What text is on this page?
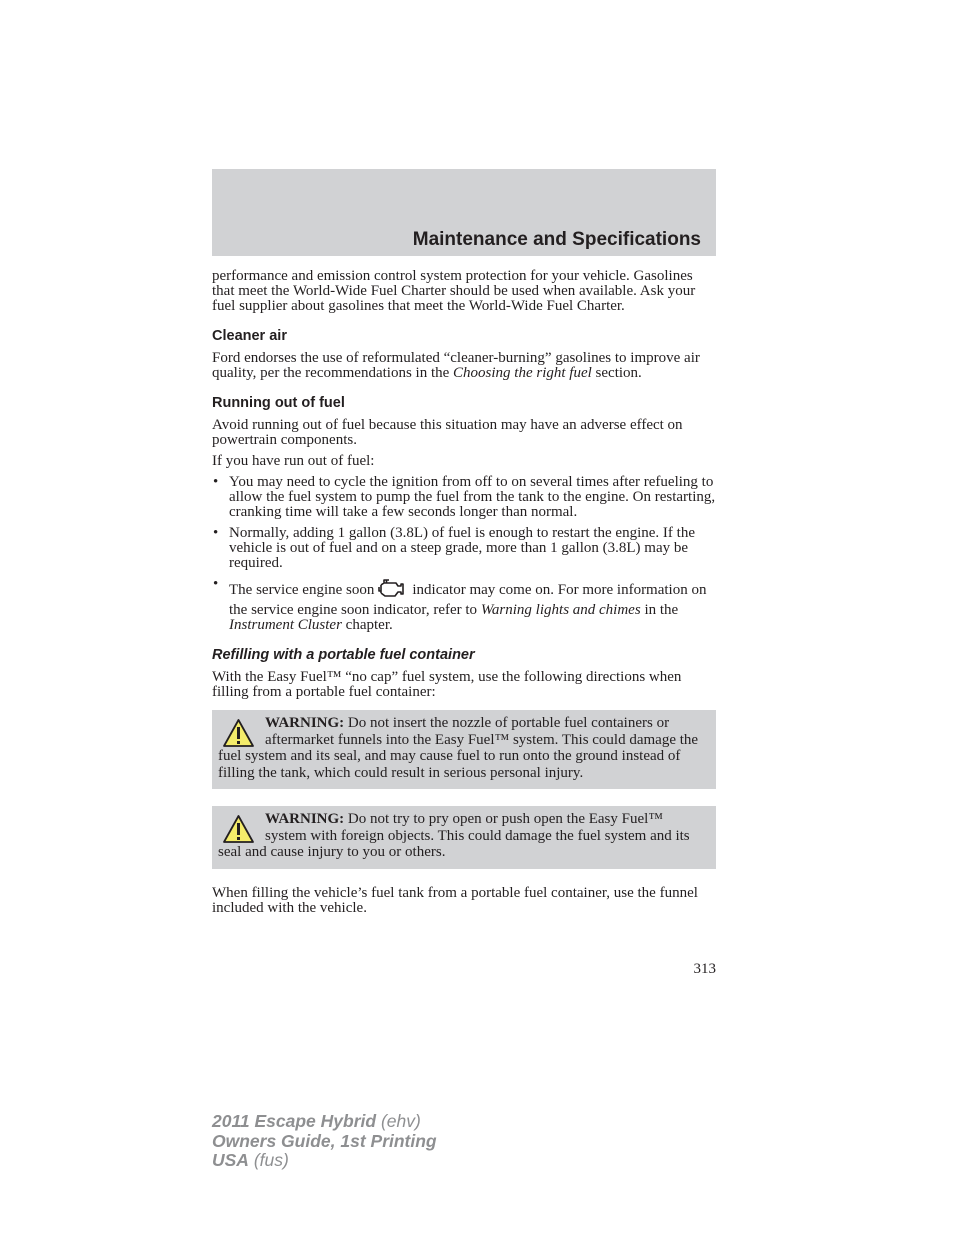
Maintenance and Specifications

performance and emission control system protection for your vehicle. Gasolines that meet the World-Wide Fuel Charter should be used when available. Ask your fuel supplier about gasolines that meet the World-Wide Fuel Charter.

Cleaner air

Ford endorses the use of reformulated “cleaner-burning” gasolines to improve air quality, per the recommendations in the Choosing the right fuel section.

Running out of fuel

Avoid running out of fuel because this situation may have an adverse effect on powertrain components.

If you have run out of fuel:

• You may need to cycle the ignition from off to on several times after refueling to allow the fuel system to pump the fuel from the tank to the engine. On restarting, cranking time will take a few seconds longer than normal.
• Normally, adding 1 gallon (3.8L) of fuel is enough to restart the engine. If the vehicle is out of fuel and on a steep grade, more than 1 gallon (3.8L) may be required.
• The service engine soon	indicator may come on. For more information on the service engine soon indicator, refer to Warning lights and chimes in the Instrument Cluster chapter.
Refilling with a portable fuel container

With the Easy Fuel™ “no cap” fuel system, use the following directions when filling from a portable fuel container:

WARNING: Do not insert the nozzle of portable fuel containers or aftermarket funnels into the Easy Fuel™ system. This could damage the fuel system and its seal, and may cause fuel to run onto the ground instead of filling the tank, which could result in serious personal injury.
WARNING: Do not try to pry open or push open the Easy Fuel™ system with foreign objects. This could damage the fuel system and its seal and cause injury to you or others.

When filling the vehicle’s fuel tank from a portable fuel container, use the funnel included with the vehicle.

313
2011 Escape Hybrid (ehv)
Owners Guide, 1st Printing
USA (fus)
